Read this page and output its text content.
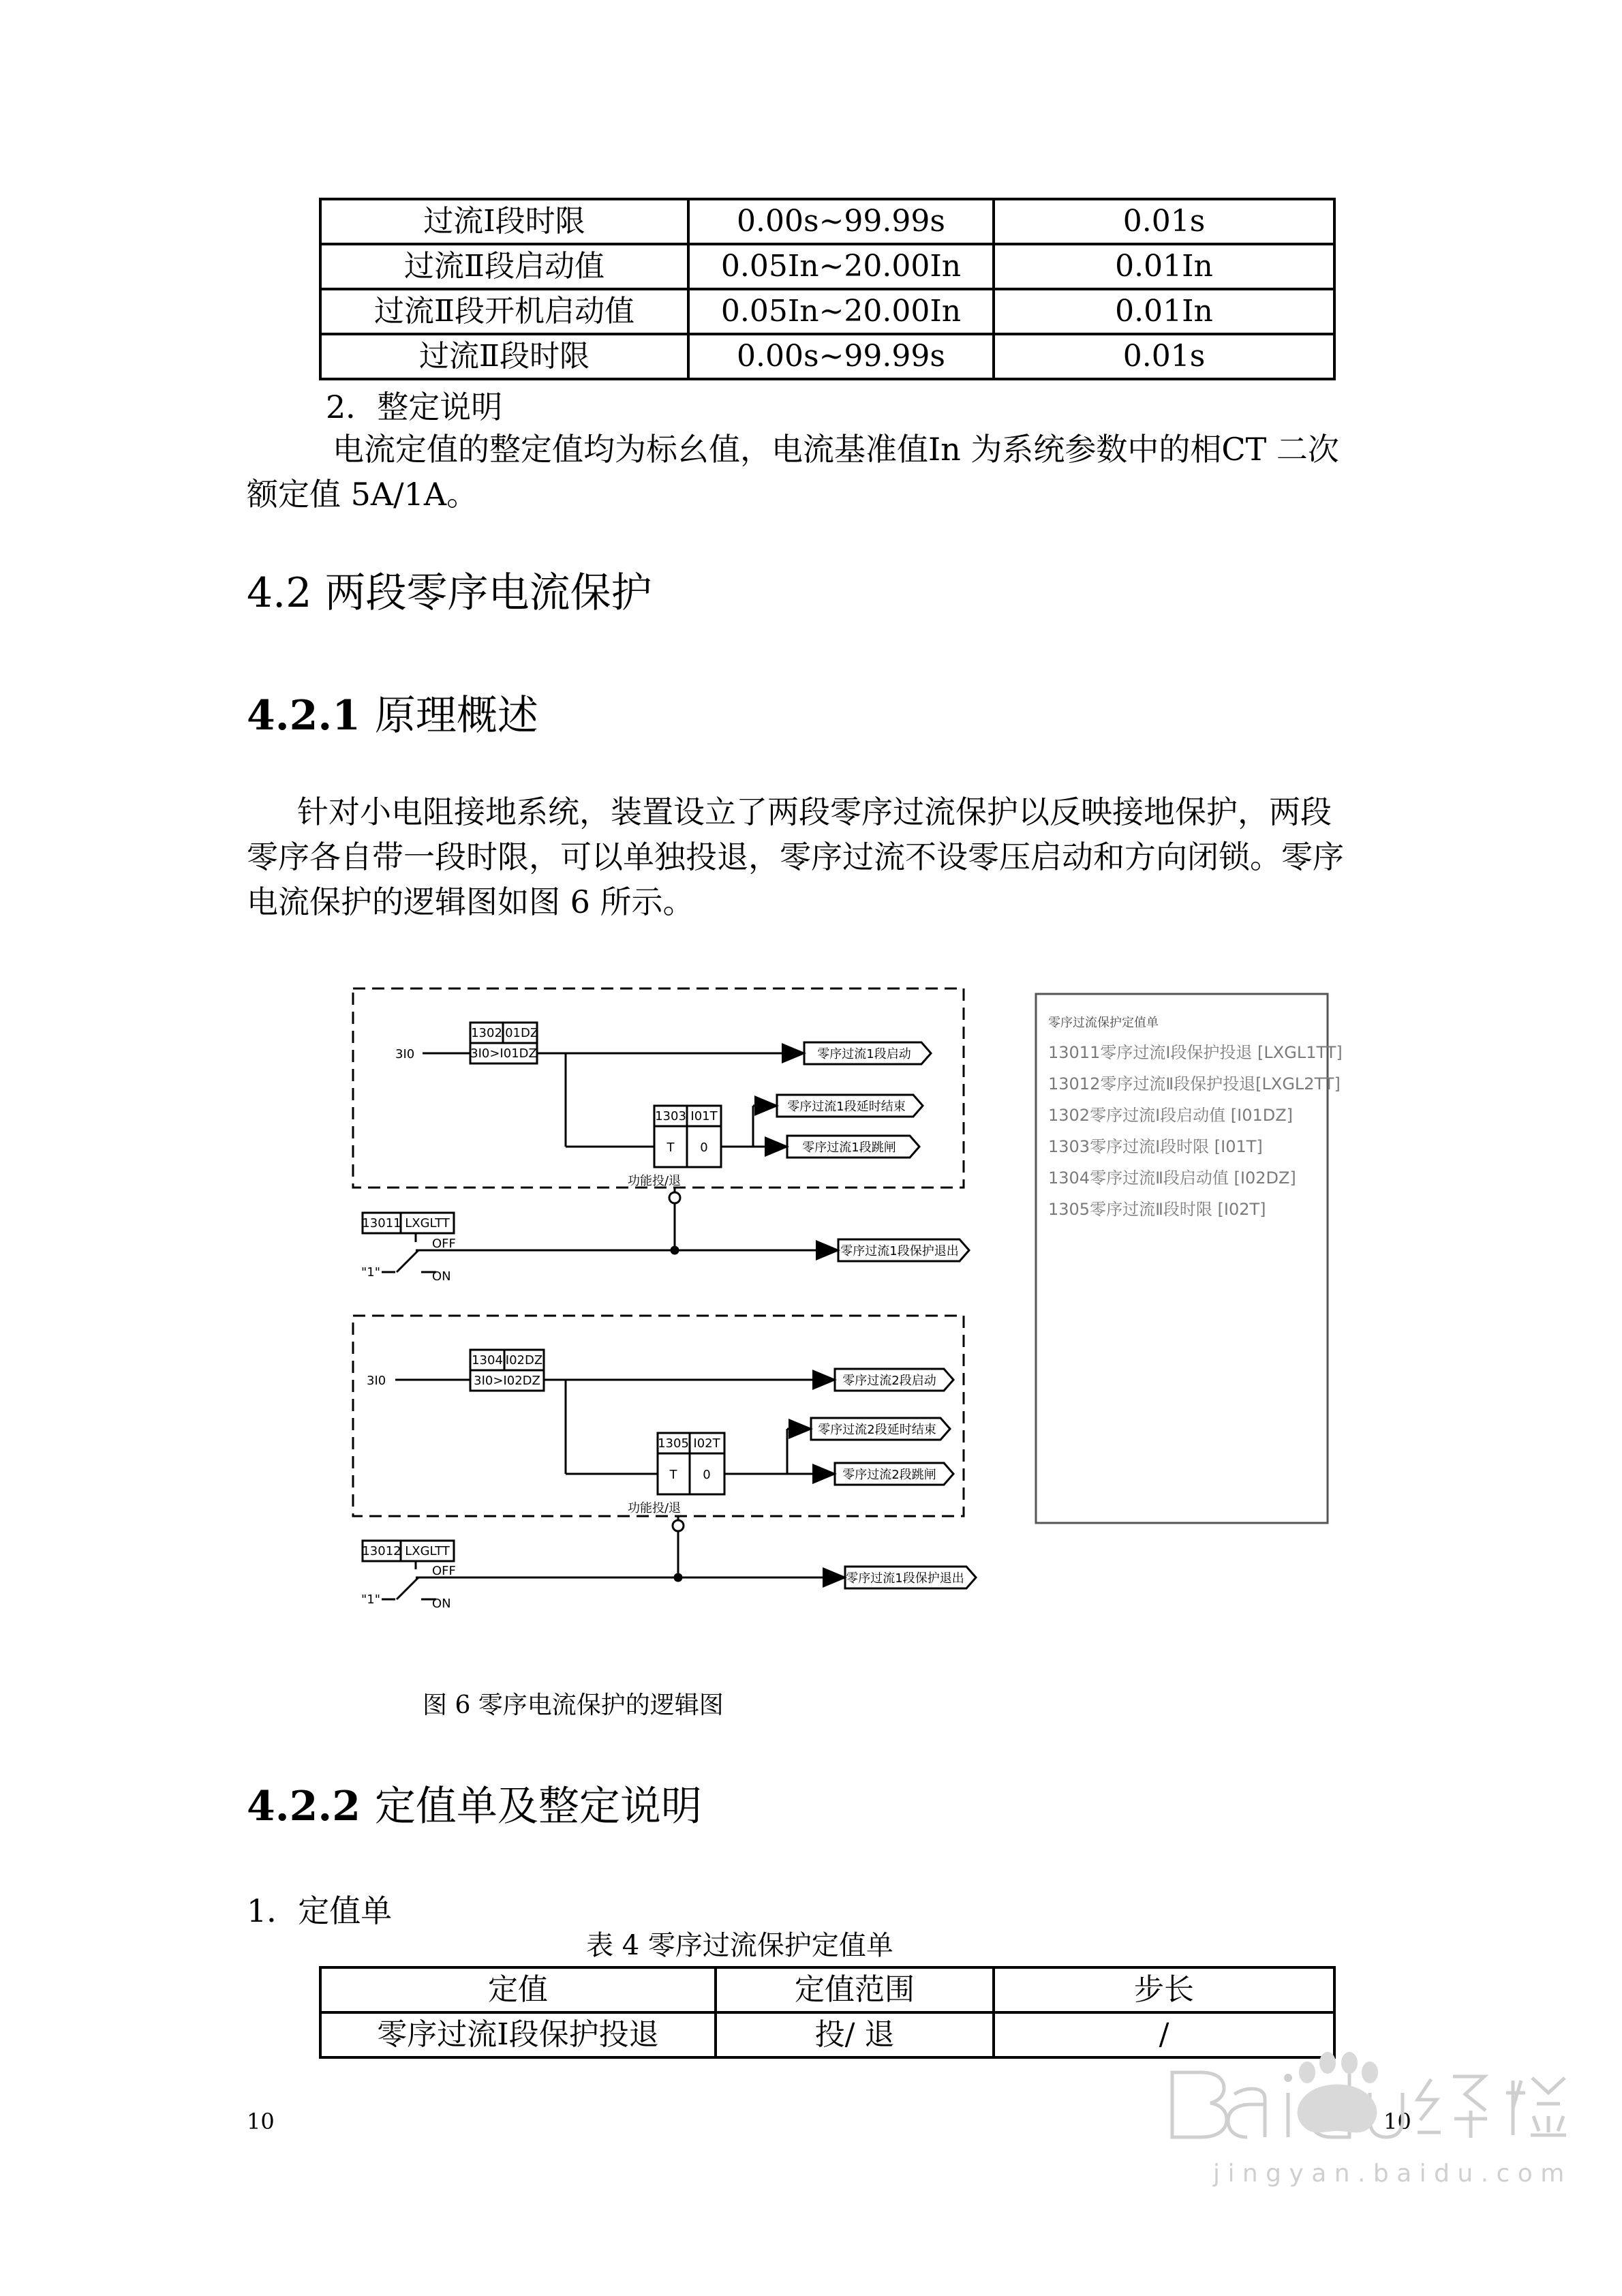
过流Ⅰ段时限	0.00s~99.99s	0.01s
过流Ⅱ段启动值	0.05In~20.00In	0.01In
过流Ⅱ段开机启动值	0.05In~20.00In	0.01In
过流Ⅱ段时限	0.00s~99.99s	0.01s
2．整定说明
电流定值的整定值均为标幺值，电流基准值In 为系统参数中的相CT 二次
额定值 5A/1A。
4.2 两段零序电流保护
4.2.1 原理概述
针对小电阻接地系统，装置设立了两段零序过流保护以反映接地保护，两段
零序各自带一段时限，可以单独投退，零序过流不设零压启动和方向闭锁。零序
电流保护的逻辑图如图 6 所示。
3I0
1302
I01DZ
3I0>I01DZ	零序过流1段启动
1303 I01T
T 0
零序过流1段延时结束
零序过流1段跳闸
功能投/退
13011 LXGLTT
OFF
ON
"1"
零序过流1段保护退出
3I0
1304 I02DZ
3I0>I02DZ	零序过流2段启动
1305 I02T
T 0
零序过流2段延时结束
零序过流2段跳闸
功能投/退
13012 LXGLTT
OFF
ON
"1"
零序过流1段保护退出
零序过流保护定值单
13011零序过流Ⅰ段保护投退 [LXGL1TT]
13012零序过流Ⅱ段保护投退[LXGL2TT]
1302零序过流Ⅰ段启动值 [I01DZ]
1303零序过流Ⅰ段时限 [I01T]
1304零序过流Ⅱ段启动值 [I02DZ]
1305零序过流Ⅱ段时限 [I02T]
图 6 零序电流保护的逻辑图
4.2.2 定值单及整定说明
1．定值单
表 4 零序过流保护定值单
定值	定值范围	步长
零序过流Ⅰ段保护投退	投/ 退	/
10	10
j i n g y a n . b a i d u . c o m
